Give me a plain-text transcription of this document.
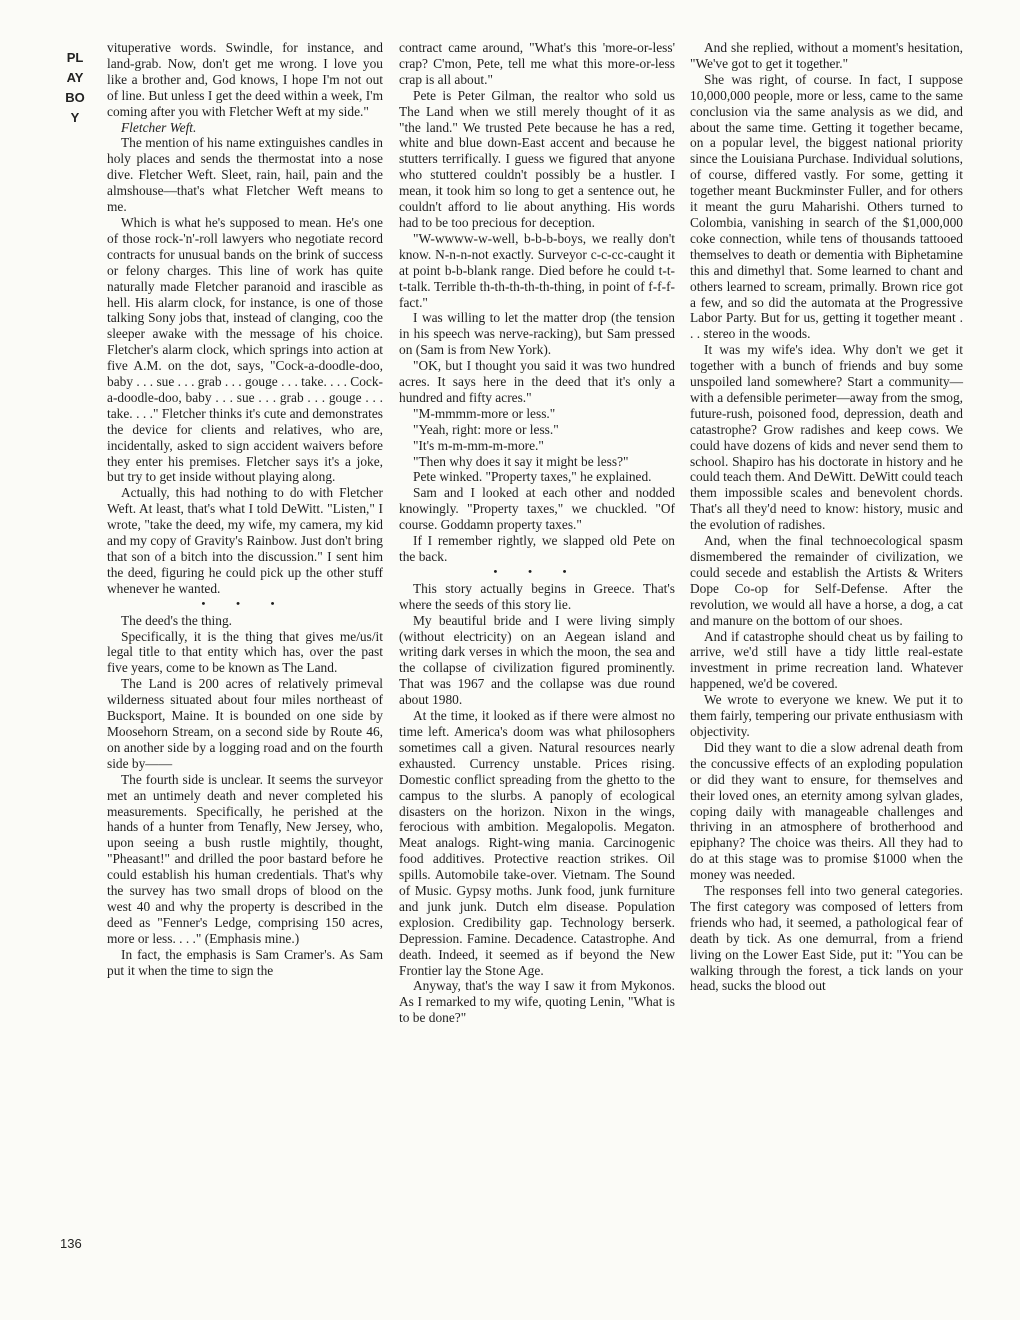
PLAYBOY
136

vituperative words. Swindle, for instance, and land-grab. Now, don't get me wrong. I love you like a brother and, God knows, I hope I'm not out of line. But unless I get the deed within a week, I'm coming after you with Fletcher Weft at my side."

Fletcher Weft.

The mention of his name extinguishes candles in holy places and sends the thermostat into a nose dive. Fletcher Weft. Sleet, rain, hail, pain and the almshouse—that's what Fletcher Weft means to me.

Which is what he's supposed to mean. He's one of those rock-'n'-roll lawyers who negotiate record contracts for unusual bands on the brink of success or felony charges. This line of work has quite naturally made Fletcher paranoid and irascible as hell. His alarm clock, for instance, is one of those talking Sony jobs that, instead of clanging, coo the sleeper awake with the message of his choice. Fletcher's alarm clock, which springs into action at five A.M. on the dot, says, "Cock-a-doodle-doo, baby . . . sue . . . grab . . . gouge . . . take. . . . Cock-a-doodle-doo, baby . . . sue . . . grab . . . gouge . . . take. . . ." Fletcher thinks it's cute and demonstrates the device for clients and relatives, who are, incidentally, asked to sign accident waivers before they enter his premises. Fletcher says it's a joke, but try to get inside without playing along.

Actually, this had nothing to do with Fletcher Weft. At least, that's what I told DeWitt. "Listen," I wrote, "take the deed, my wife, my camera, my kid and my copy of Gravity's Rainbow. Just don't bring that son of a bitch into the discussion." I sent him the deed, figuring he could pick up the other stuff whenever he wanted.

• • •

The deed's the thing.

Specifically, it is the thing that gives me/us/it legal title to that entity which has, over the past five years, come to be known as The Land.

The Land is 200 acres of relatively primeval wilderness situated about four miles northeast of Bucksport, Maine. It is bounded on one side by Moosehorn Stream, on a second side by Route 46, on another side by a logging road and on the fourth side by——

The fourth side is unclear. It seems the surveyor met an untimely death and never completed his measurements. Specifically, he perished at the hands of a hunter from Tenafly, New Jersey, who, upon seeing a bush rustle mightily, thought, "Pheasant!" and drilled the poor bastard before he could establish his human credentials. That's why the survey has two small drops of blood on the west 40 and why the property is described in the deed as "Fenner's Ledge, comprising 150 acres, more or less. . . ." (Emphasis mine.)

In fact, the emphasis is Sam Cramer's. As Sam put it when the time to sign the

contract came around, "What's this 'more-or-less' crap? C'mon, Pete, tell me what this more-or-less crap is all about."

Pete is Peter Gilman, the realtor who sold us The Land when we still merely thought of it as "the land." We trusted Pete because he has a red, white and blue down-East accent and because he stutters terrifically. I guess we figured that anyone who stuttered couldn't possibly be a hustler. I mean, it took him so long to get a sentence out, he couldn't afford to lie about anything. His words had to be too precious for deception.

"W-wwww-w-well, b-b-b-boys, we really don't know. N-n-n-not exactly. Surveyor c-c-cc-caught it at point b-b-blank range. Died before he could t-t-t-talk. Terrible th-th-th-th-th-thing, in point of f-f-f-fact."

I was willing to let the matter drop (the tension in his speech was nerve-racking), but Sam pressed on (Sam is from New York).

"OK, but I thought you said it was two hundred acres. It says here in the deed that it's only a hundred and fifty acres."

"M-mmmm-more or less."

"Yeah, right: more or less."

"It's m-m-mm-m-more."

"Then why does it say it might be less?"

Pete winked. "Property taxes," he explained.

Sam and I looked at each other and nodded knowingly. "Property taxes," we chuckled. "Of course. Goddamn property taxes."

If I remember rightly, we slapped old Pete on the back.

• • •

This story actually begins in Greece. That's where the seeds of this story lie.

My beautiful bride and I were living simply (without electricity) on an Aegean island and writing dark verses in which the moon, the sea and the collapse of civilization figured prominently. That was 1967 and the collapse was due round about 1980.

At the time, it looked as if there were almost no time left. America's doom was what philosophers sometimes call a given. Natural resources nearly exhausted. Currency unstable. Prices rising. Domestic conflict spreading from the ghetto to the campus to the slurbs. A panoply of ecological disasters on the horizon. Nixon in the wings, ferocious with ambition. Megalopolis. Megaton. Meat analogs. Right-wing mania. Carcinogenic food additives. Protective reaction strikes. Oil spills. Automobile take-over. Vietnam. The Sound of Music. Gypsy moths. Junk food, junk furniture and junk junk. Dutch elm disease. Population explosion. Credibility gap. Technology berserk. Depression. Famine. Decadence. Catastrophe. And death. Indeed, it seemed as if beyond the New Frontier lay the Stone Age.

Anyway, that's the way I saw it from Mykonos. As I remarked to my wife, quoting Lenin, "What is to be done?"

And she replied, without a moment's hesitation, "We've got to get it together."

She was right, of course. In fact, I suppose 10,000,000 people, more or less, came to the same conclusion via the same analysis as we did, and about the same time. Getting it together became, on a popular level, the biggest national priority since the Louisiana Purchase. Individual solutions, of course, differed vastly. For some, getting it together meant Buckminster Fuller, and for others it meant the guru Maharishi. Others turned to Colombia, vanishing in search of the $1,000,000 coke connection, while tens of thousands tattooed themselves to death or dementia with Biphetamine this and dimethyl that. Some learned to chant and others learned to scream, primally. Brown rice got a few, and so did the automata at the Progressive Labor Party. But for us, getting it together meant . . . stereo in the woods.

It was my wife's idea. Why don't we get it together with a bunch of friends and buy some unspoiled land somewhere? Start a community—with a defensible perimeter—away from the smog, future-rush, poisoned food, depression, death and catastrophe? Grow radishes and keep cows. We could have dozens of kids and never send them to school. Shapiro has his doctorate in history and he could teach them. And DeWitt. DeWitt could teach them impossible scales and benevolent chords. That's all they'd need to know: history, music and the evolution of radishes.

And, when the final technoecological spasm dismembered the remainder of civilization, we could secede and establish the Artists & Writers Dope Co-op for Self-Defense. After the revolution, we would all have a horse, a dog, a cat and manure on the bottom of our shoes.

And if catastrophe should cheat us by failing to arrive, we'd still have a tidy little real-estate investment in prime recreation land. Whatever happened, we'd be covered.

We wrote to everyone we knew. We put it to them fairly, tempering our private enthusiasm with objectivity.

Did they want to die a slow adrenal death from the concussive effects of an exploding population or did they want to ensure, for themselves and their loved ones, an eternity among sylvan glades, coping daily with manageable challenges and thriving in an atmosphere of brotherhood and epiphany? The choice was theirs. All they had to do at this stage was to promise $1000 when the money was needed.

The responses fell into two general categories. The first category was composed of letters from friends who had, it seemed, a pathological fear of death by tick. As one demurral, from a friend living on the Lower East Side, put it: "You can be walking through the forest, a tick lands on your head, sucks the blood out
